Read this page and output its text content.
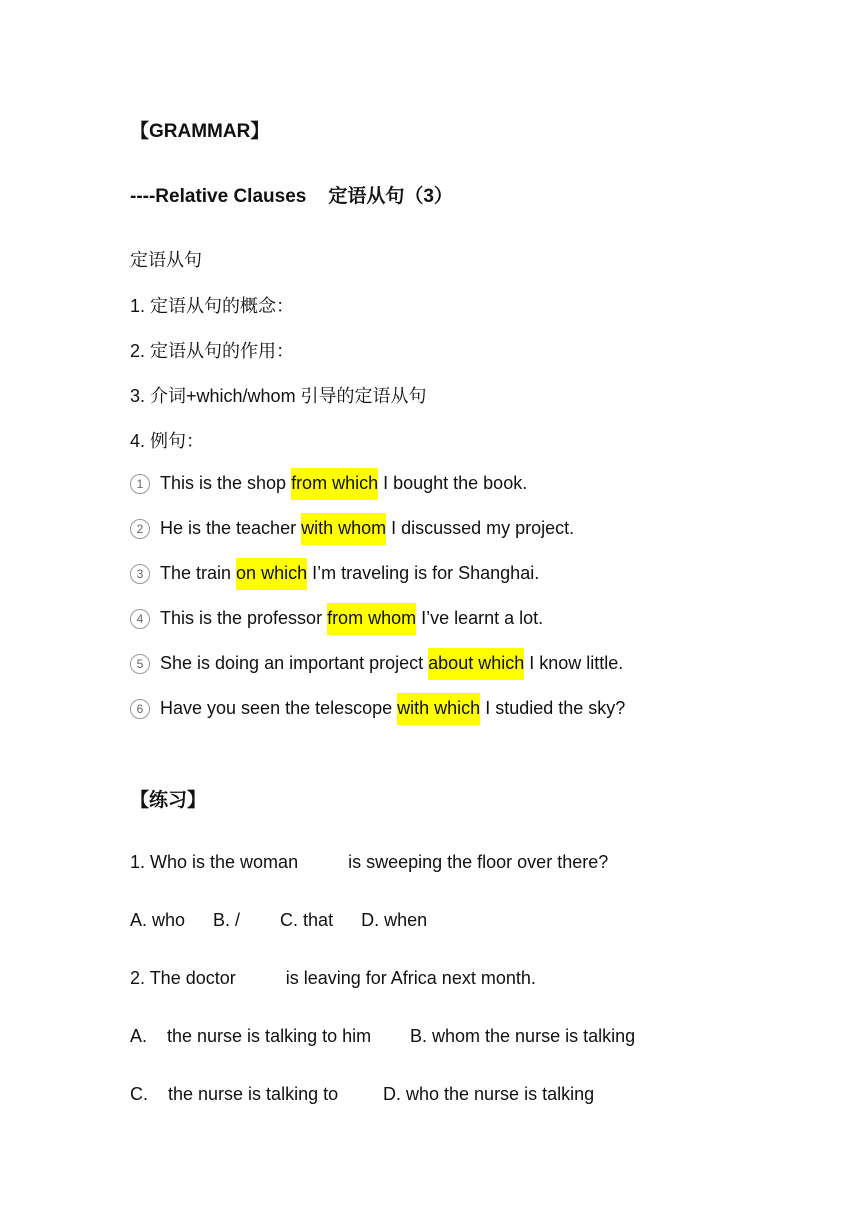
【GRAMMAR】
----Relative Clauses 定语从句（3）
定语从句
1. 定语从句的概念：
2. 定语从句的作用：
3. 介词+which/whom 引导的定语从句
4. 例句：
1 This is the shop from which I bought the book.
2 He is the teacher with whom I discussed my project.
3 The train on which I’m traveling is for Shanghai.
4 This is the professor from whom I’ve learnt a lot.
5 She is doing an important project about which I know little.
6 Have you seen the telescope with which I studied the sky?
【练习】
1. Who is the woman	is sweeping the floor over there?
A. who B. / C. that D. when
2. The doctor	is leaving for Africa next month.
A.    the nurse is talking to him B. whom the nurse is talking
C.    the nurse is talking to D. who the nurse is talking
